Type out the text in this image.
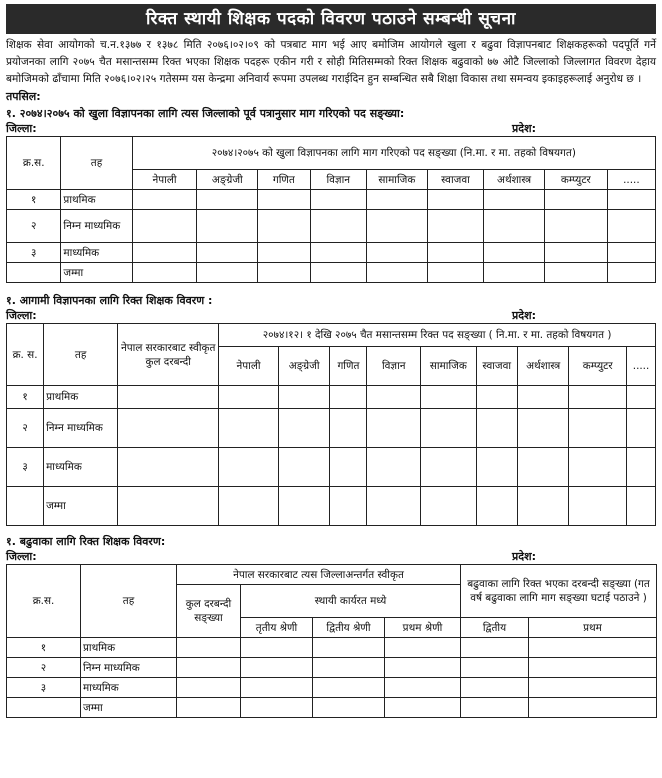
रिक्त स्थायी शिक्षक पदको विवरण पठाउने सम्बन्धी सूचना
शिक्षक सेवा आयोगको च.न.१३७७ र १३७८ मिति २०७६।०२।०९ को पत्रबाट माग भई आए बमोजिम आयोगले खुला र बढुवा विज्ञापनबाट शिक्षकहरूको पदपूर्ति गर्ने प्रयोजनका लागि २०७५ चैत मसान्तसम्म रिक्त भएका शिक्षक पदहरू एकीन गरी र सोही मितिसम्मको रिक्त शिक्षक बढुवाको ७७ ओटै जिल्लाको जिल्लागत विवरण देहाय बमोजिमको ढाँचामा मिति २०७६।०२।२५ गतेसम्म यस केन्द्रमा अनिवार्य रूपमा उपलब्ध गराईदिन हुन सम्बन्धित सबै शिक्षा विकास तथा समन्वय इकाइहरूलाई अनुरोध छ ।
तपसिल:
१. २०७४।२०७५ को खुला विज्ञापनका लागि त्यस जिल्लाको पूर्व पत्रानुसार माग गरिएको पद सङ्ख्या:
जिल्ला:	प्रदेश:
क्र.स.	तह	२०७४।२०७५ को खुला विज्ञापनका लागि माग गरिएको पद सङ्ख्या (नि.मा. र मा. तहको विषयगत)								
		नेपाली	अङ्ग्रेजी	गणित	विज्ञान	सामाजिक	स्वाजवा	अर्थशास्त्र	कम्प्युटर	.....
१	प्राथमिक									
२	निम्न माध्यमिक									
३	माध्यमिक									
	जम्मा									
१. आगामी विज्ञापनका लागि रिक्त शिक्षक विवरण :
जिल्ला:	प्रदेश:
क्र. स.	तह	नेपाल सरकारबाट स्वीकृत कुल दरबन्दी	२०७४।१२। १ देखि २०७५ चैत मसान्तसम्म रिक्त पद सङ्ख्या ( नि.मा. र मा. तहको विषयगत )								
			नेपाली	अङ्ग्रेजी	गणित	विज्ञान	सामाजिक	स्वाजवा	अर्थशास्त्र	कम्प्युटर	.....
१	प्राथमिक										
२	निम्न माध्यमिक										
३	माध्यमिक										
	जम्मा										
१. बढुवाका लागि रिक्त शिक्षक विवरण:
जिल्ला:	प्रदेश:
क्र.स.	तह	नेपाल सरकारबाट त्यस जिल्लाअन्तर्गत स्वीकृत				बढुवाका लागि रिक्त भएका दरबन्दी सङ्ख्या (गत वर्ष बढुवाका लागि माग सङ्ख्या घटाई पठाउने )	
		कुल दरबन्दी सङ्ख्या	स्थायी कार्यरत मध्ये				
			तृतीय श्रेणी	द्वितीय श्रेणी	प्रथम श्रेणी	द्वितीय	प्रथम
१	प्राथमिक						
२	निम्न माध्यमिक						
३	माध्यमिक						
	जम्मा						
